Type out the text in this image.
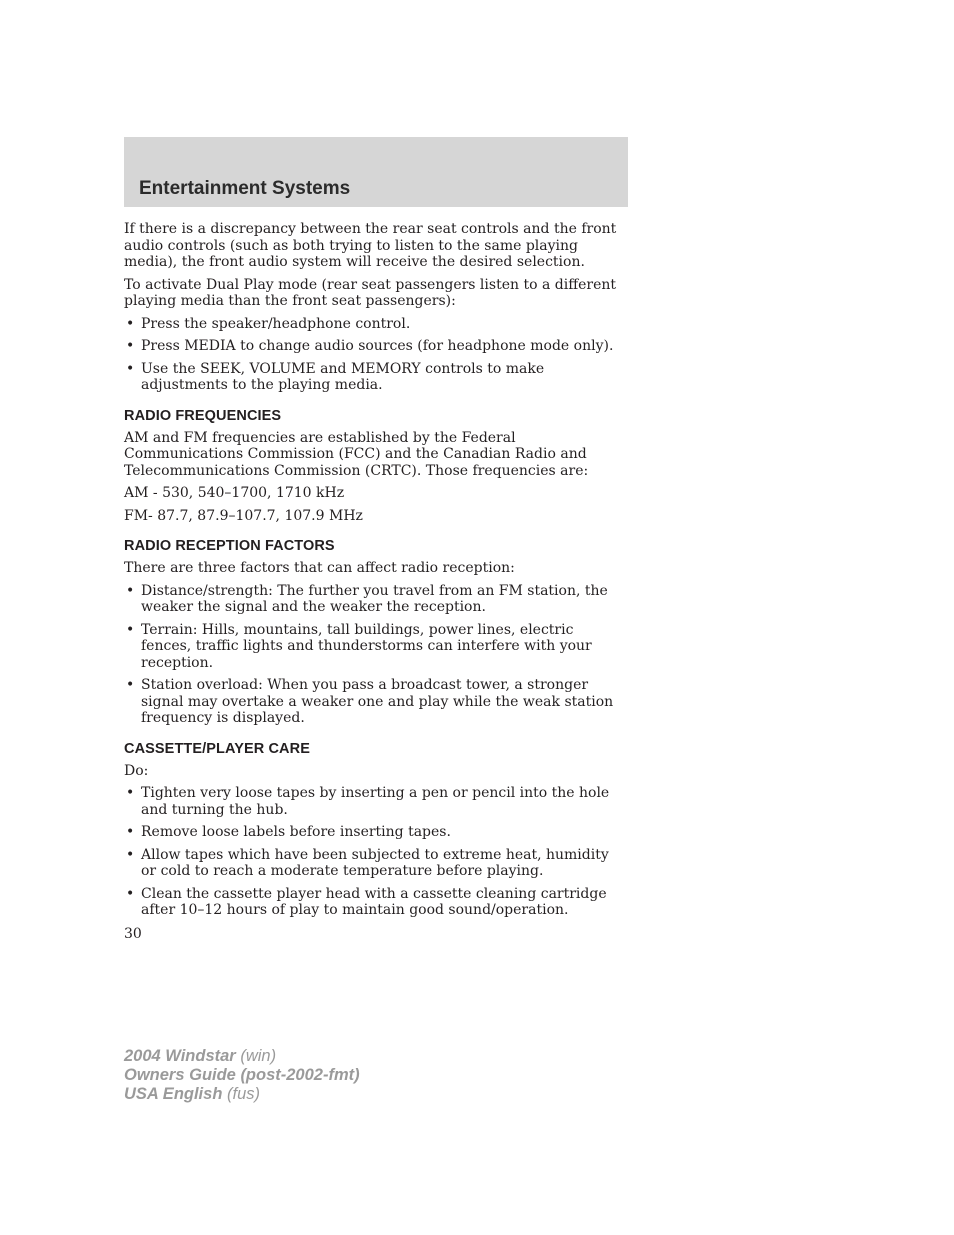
Entertainment Systems

If there is a discrepancy between the rear seat controls and the front audio controls (such as both trying to listen to the same playing media), the front audio system will receive the desired selection.

To activate Dual Play mode (rear seat passengers listen to a different playing media than the front seat passengers):

• Press the speaker/headphone control.
• Press MEDIA to change audio sources (for headphone mode only).
• Use the SEEK, VOLUME and MEMORY controls to make adjustments to the playing media.
RADIO FREQUENCIES

AM and FM frequencies are established by the Federal Communications Commission (FCC) and the Canadian Radio and Telecommunications Commission (CRTC). Those frequencies are:

AM - 530, 540–1700, 1710 kHz

FM- 87.7, 87.9–107.7, 107.9 MHz

RADIO RECEPTION FACTORS

There are three factors that can affect radio reception:

• Distance/strength: The further you travel from an FM station, the weaker the signal and the weaker the reception.
• Terrain: Hills, mountains, tall buildings, power lines, electric fences, traffic lights and thunderstorms can interfere with your reception.
• Station overload: When you pass a broadcast tower, a stronger signal may overtake a weaker one and play while the weak station frequency is displayed.
CASSETTE/PLAYER CARE

Do:

• Tighten very loose tapes by inserting a pen or pencil into the hole and turning the hub.
• Remove loose labels before inserting tapes.
• Allow tapes which have been subjected to extreme heat, humidity or cold to reach a moderate temperature before playing.
• Clean the cassette player head with a cassette cleaning cartridge after 10–12 hours of play to maintain good sound/operation.
30
2004 Windstar (win)
Owners Guide (post-2002-fmt)
USA English (fus)
